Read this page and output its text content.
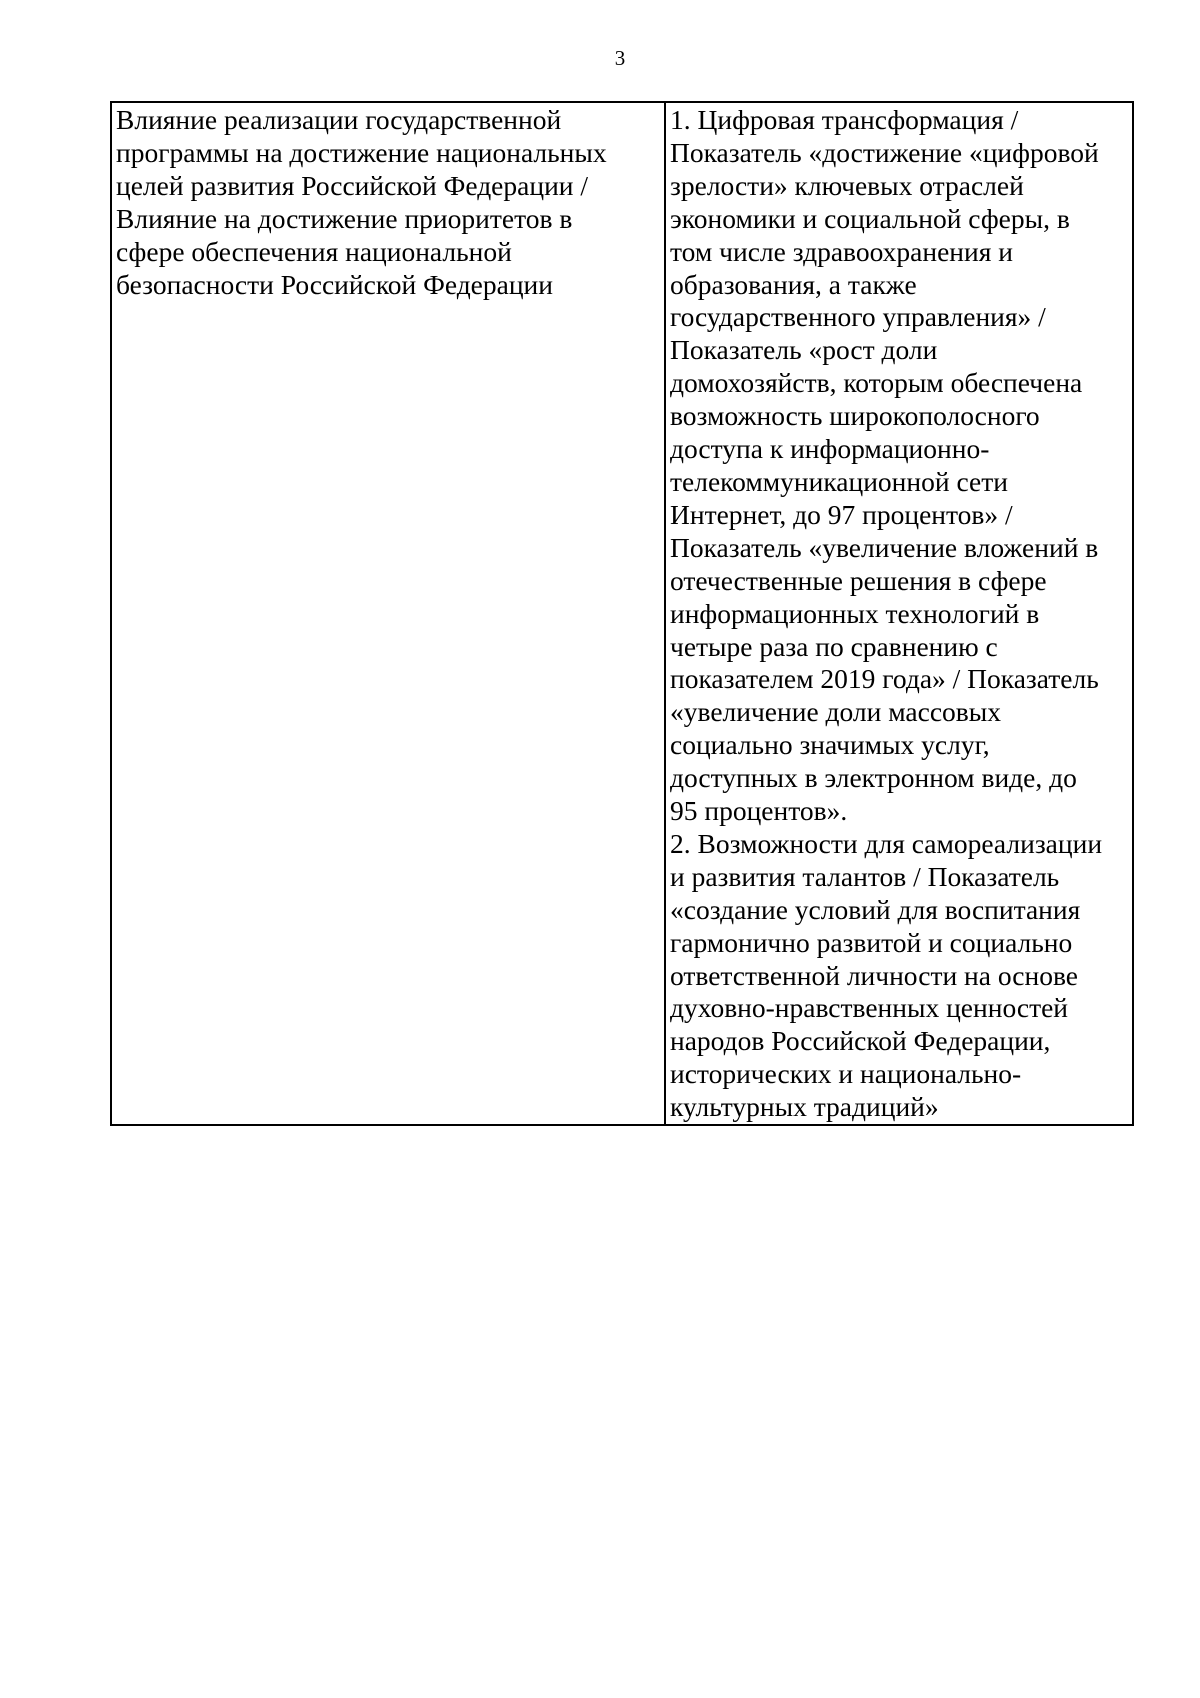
3
Влияние реализации государственной
программы на достижение национальных
целей развития Российской Федерации /
Влияние на достижение приоритетов в
сфере обеспечения национальной
безопасности Российской Федерации

1. Цифровая трансформация /
Показатель «достижение «цифровой
зрелости» ключевых отраслей
экономики и социальной сферы, в
том числе здравоохранения и
образования, а также
государственного управления» /
Показатель «рост доли
домохозяйств, которым обеспечена
возможность широкополосного
доступа к информационно-
телекоммуникационной сети
Интернет, до 97 процентов» /
Показатель «увеличение вложений в
отечественные решения в сфере
информационных технологий в
четыре раза по сравнению с
показателем 2019 года» / Показатель
«увеличение доли массовых
социально значимых услуг,
доступных в электронном виде, до
95 процентов».
2. Возможности для самореализации
и развития талантов / Показатель
«создание условий для воспитания
гармонично развитой и социально
ответственной личности на основе
духовно-нравственных ценностей
народов Российской Федерации,
исторических и национально-
культурных традиций»
